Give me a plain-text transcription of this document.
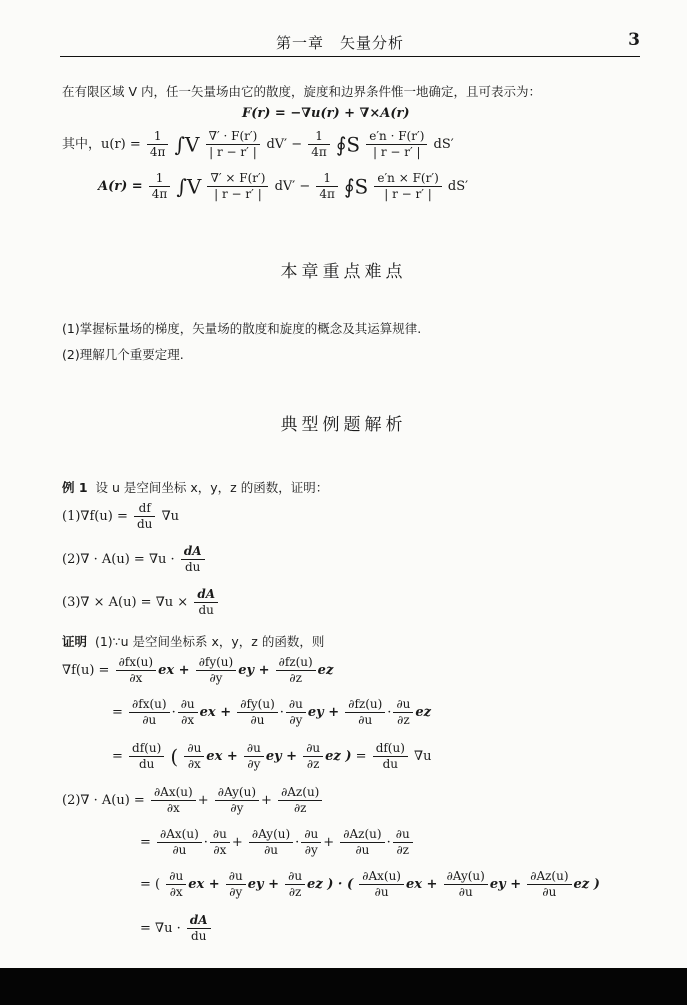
第一章　矢量分析	3
在有限区域 V 内，任一矢量场由它的散度，旋度和边界条件惟一地确定，且可表示为：
F(r) = −∇u(r) + ∇×A(r)
其中，$u(r) = \frac{1}{4\pi} \int V \frac{\nabla' \cdot F(r')}{| r - r' |} dV' - \frac{1}{4\pi}$ ∮S $\frac{e'n \cdot F(r')}{| r - r' |} dS'$
$A(r) = \frac{1}{4\pi} \int V \frac{\nabla' \times F(r')}{| r - r' |} dV' - \frac{1}{4\pi}$ ∮S $\frac{e'n \times F(r')}{| r - r' |} dS'$
本章重点难点
(1)掌握标量场的梯度，矢量场的散度和旋度的概念及其运算规律.
(2)理解几个重要定理.
典型例题解析
例 1 设 u 是空间坐标 x，y，z 的函数，证明：
$(1)\nabla f(u) = \frac{df}{du} \nabla u$
$(2)\nabla \cdot A(u) = \nabla u \cdot \frac{dA}{du}$
$(3)\nabla \times A(u) = \nabla u \times \frac{dA}{du}$
证明 (1)∵u 是空间坐标系 x，y，z 的函数，则
$\nabla f(u) = \frac{\partial fx(u)}{\partial x}$ ex + $\frac{\partial fy(u)}{\partial y}$ ey + $\frac{\partial fz(u)}{\partial z}$ ez
= $\frac{\partial fx(u)}{\partial u} \cdot \frac{\partial u}{\partial x}$ ex + $\frac{\partial fy(u)}{\partial u} \cdot \frac{\partial u}{\partial y}$ ey + $\frac{\partial fz(u)}{\partial u} \cdot \frac{\partial u}{\partial z}$ ez
= $\frac{df(u)}{du}$ ( $\frac{\partial u}{\partial x}$ ex + $\frac{\partial u}{\partial y}$ ey + $\frac{\partial u}{\partial z}$ ez ) = $\frac{df(u)}{du} \nabla u$
$(2)\nabla \cdot A(u) = \frac{\partial Ax(u)}{\partial x} + \frac{\partial Ay(u)}{\partial y} + \frac{\partial Az(u)}{\partial z}$
= $\frac{\partial Ax(u)}{\partial u} \cdot \frac{\partial u}{\partial x} + \frac{\partial Ay(u)}{\partial u} \cdot \frac{\partial u}{\partial y} + \frac{\partial Az(u)}{\partial u} \cdot \frac{\partial u}{\partial z}$
= ( $\frac{\partial u}{\partial x}$ ex + $\frac{\partial u}{\partial y}$ ey + $\frac{\partial u}{\partial z}$ ez ) · ( $\frac{\partial Ax(u)}{\partial u}$ ex + $\frac{\partial Ay(u)}{\partial u}$ ey + $\frac{\partial Az(u)}{\partial u}$ ez )
= $\nabla u \cdot \frac{dA}{du}$
